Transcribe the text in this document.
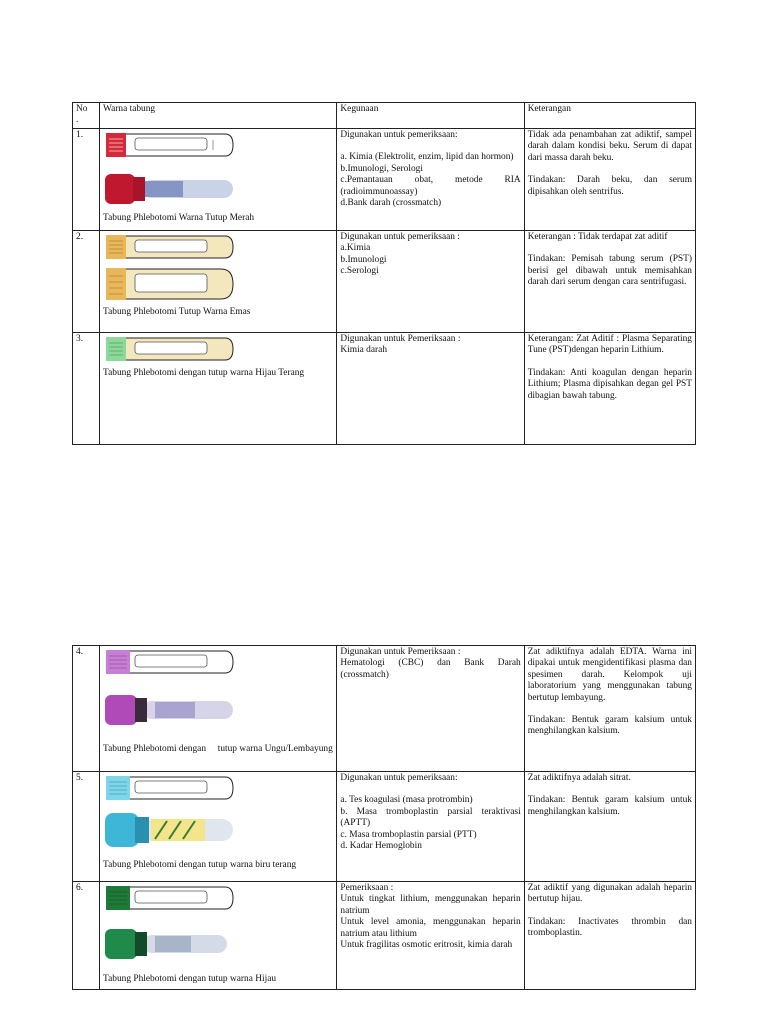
No
.	Warna tabung	Kegunaan	Keterangan
1.	Tabung Phlebotomi Warna Tutup Merah	Digunakan untuk pemeriksaan:
a. Kimia (Elektrolit, enzim, lipid dan hormon)
b.Imunologi, Serologi
c.Pemantauan obat, metode RIA (radioimmunoassay)
d.Bank darah (crossmatch)	Tidak ada penambahan zat adiktif, sampel darah dalam kondisi beku. Serum di dapat dari massa darah beku.
Tindakan: Darah beku, dan serum dipisahkan oleh sentrifus.

2.	Tabung Phlebotomi Tutup Warna Emas	Digunakan untuk pemeriksaan :
a.Kimia
b.Imunologi
c.Serologi	Keterangan : Tidak terdapat zat aditif
Tindakan: Pemisah tabung serum (PST) berisi gel dibawah untuk memisahkan darah dari serum dengan cara sentrifugasi.

3.	Tabung Phlebotomi dengan tutup warna Hijau Terang	Digunakan untuk Pemeriksaan :
Kimia darah	Keterangan: Zat Aditif : Plasma Separating Tune (PST)dengan heparin Lithium.
Tindakan: Anti koagulan dengan heparin Lithium; Plasma dipisahkan degan gel PST dibagian bawah tabung.
4.	Tabung Phlebotomi dengan     tutup warna Ungu/Lembayung	Digunakan untuk Pemeriksaan :
Hematologi (CBC) dan Bank Darah (crossmatch)	Zat adiktifnya adalah EDTA. Warna ini dipakai untuk mengidentifikasi plasma dan spesimen darah. Kelompok uji laboratorium yang menggunakan tabung bertutup lembayung.
Tindakan: Bentuk garam kalsium untuk menghilangkan kalsium.

5.	Tabung Phlebotomi dengan tutup warna biru terang	Digunakan untuk pemeriksaan:
a. Tes koagulasi (masa protrombin)
b. Masa tromboplastin parsial teraktivasi (APTT)
c. Masa tromboplastin parsial (PTT)
d. Kadar Hemoglobin	Zat adiktifnya adalah sitrat.
Tindakan: Bentuk garam kalsium untuk menghilangkan kalsium.

6.	Tabung Phlebotomi dengan tutup warna Hijau	Pemeriksaan :
Untuk tingkat lithium, menggunakan heparin natrium
Untuk level amonia, menggunakan heparin natrium atau lithium
Untuk fragilitas osmotic eritrosit, kimia darah	Zat adiktif yang digunakan adalah heparin bertutup hijau.
Tindakan: Inactivates thrombin dan tromboplastin.
